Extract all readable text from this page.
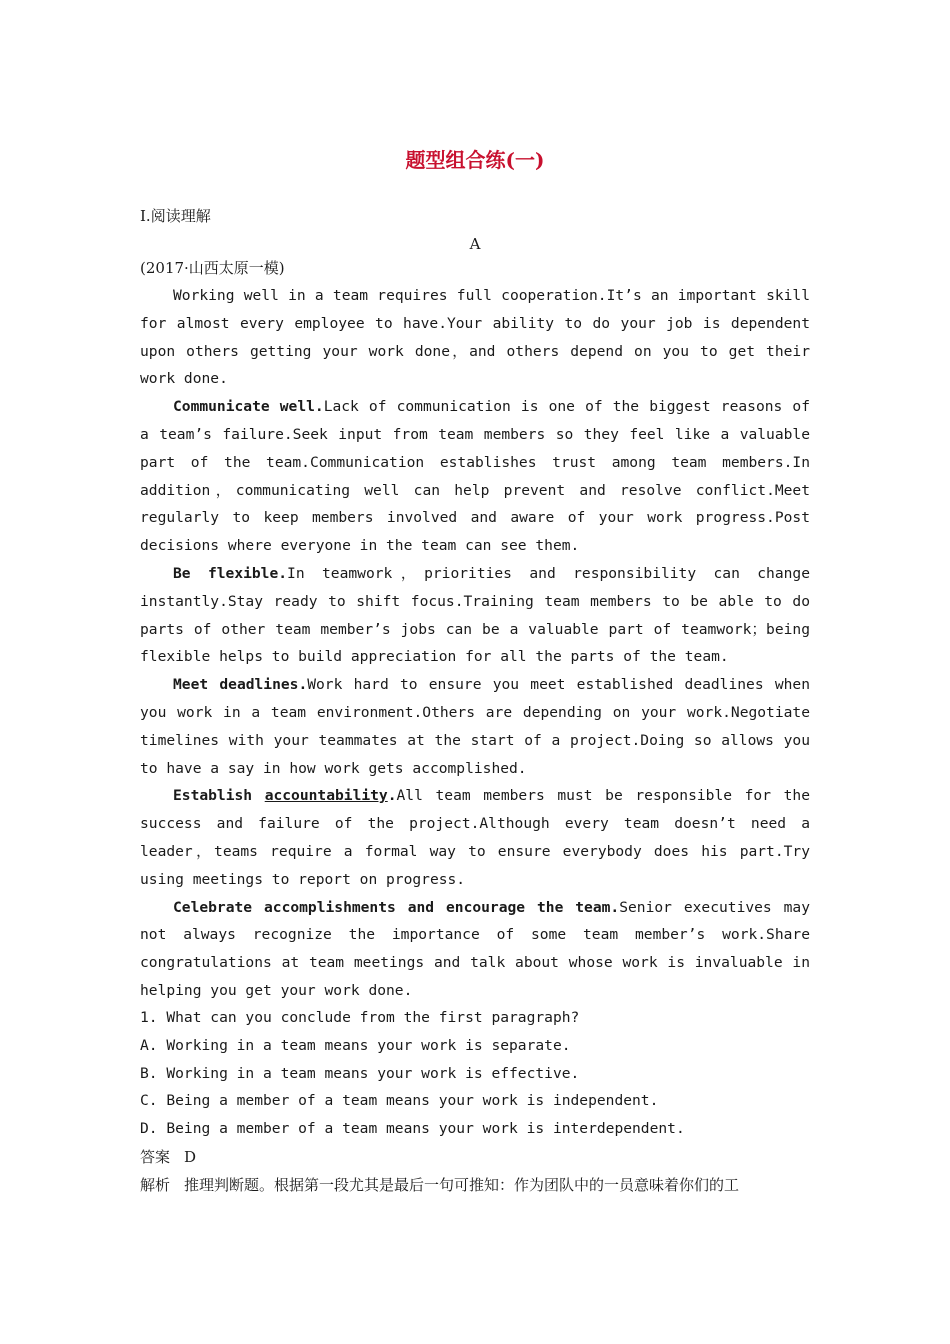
题型组合练(一)
Ⅰ.阅读理解
A
(2017·山西太原一模)

Working well in a team requires full cooperation.It’s an important skill for almost every employee to have.Your ability to do your job is dependent upon others getting your work done，and others depend on you to get their work done.

Communicate well.Lack of communication is one of the biggest reasons of a team’s failure.Seek input from team members so they feel like a valuable part of the team.Communication establishes trust among team members.In addition，communicating well can help prevent and resolve conflict.Meet regularly to keep members involved and aware of your work progress.Post decisions where everyone in the team can see them.

Be flexible.In teamwork，priorities and responsibility can change instantly.Stay ready to shift focus.Training team members to be able to do parts of other team member’s jobs can be a valuable part of teamwork；being flexible helps to build appreciation for all the parts of the team.

Meet deadlines.Work hard to ensure you meet established deadlines when you work in a team environment.Others are depending on your work.Negotiate timelines with your teammates at the start of a project.Doing so allows you to have a say in how work gets accomplished.

Establish accountability.All team members must be responsible for the success and failure of the project.Although every team doesn’t need a leader，teams require a formal way to ensure everybody does his part.Try using meetings to report on progress.

Celebrate accomplishments and encourage the team.Senior executives may not always recognize the importance of some team member’s work.Share congratulations at team meetings and talk about whose work is invaluable in helping you get your work done.

1. What can you conclude from the first paragraph?
A. Working in a team means your work is separate.
B. Working in a team means your work is effective.
C. Being a member of a team means your work is independent.
D. Being a member of a team means your work is interdependent.
答案 D
解析 推理判断题。根据第一段尤其是最后一句可推知：作为团队中的一员意味着你们的工
